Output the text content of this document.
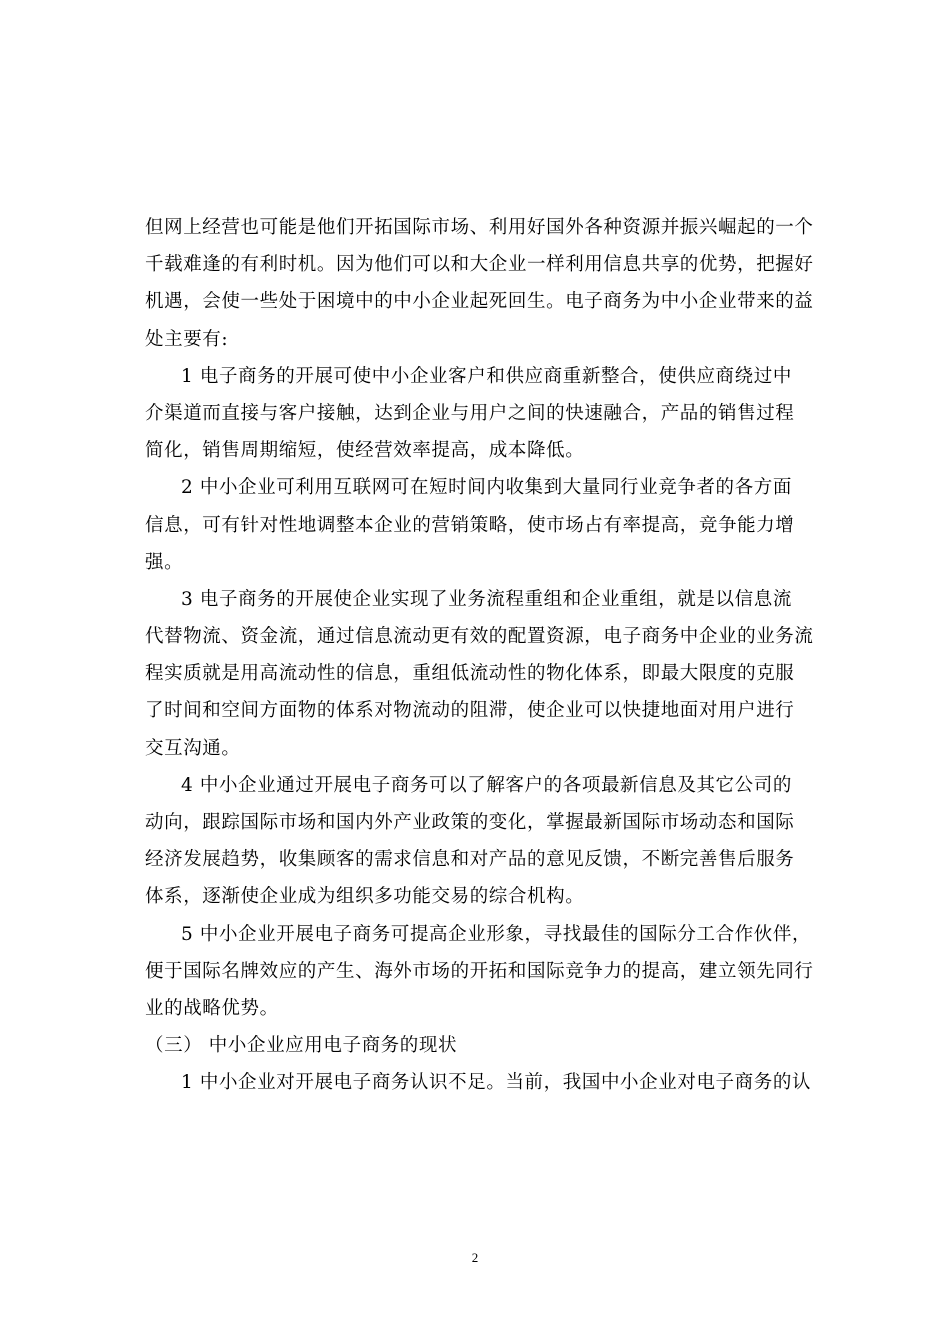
但网上经营也可能是他们开拓国际市场、利用好国外各种资源并振兴崛起的一个
千载难逢的有利时机。因为他们可以和大企业一样利用信息共享的优势，把握好
机遇，会使一些处于困境中的中小企业起死回生。电子商务为中小企业带来的益
处主要有:
1 电子商务的开展可使中小企业客户和供应商重新整合，使供应商绕过中
介渠道而直接与客户接触，达到企业与用户之间的快速融合，产品的销售过程
简化，销售周期缩短，使经营效率提高，成本降低。
2 中小企业可利用互联网可在短时间内收集到大量同行业竞争者的各方面
信息，可有针对性地调整本企业的营销策略，使市场占有率提高，竞争能力增
强。
3 电子商务的开展使企业实现了业务流程重组和企业重组，就是以信息流
代替物流、资金流，通过信息流动更有效的配置资源，电子商务中企业的业务流
程实质就是用高流动性的信息，重组低流动性的物化体系，即最大限度的克服
了时间和空间方面物的体系对物流动的阻滞，使企业可以快捷地面对用户进行
交互沟通。
4 中小企业通过开展电子商务可以了解客户的各项最新信息及其它公司的
动向，跟踪国际市场和国内外产业政策的变化，掌握最新国际市场动态和国际
经济发展趋势，收集顾客的需求信息和对产品的意见反馈，不断完善售后服务
体系，逐渐使企业成为组织多功能交易的综合机构。
5 中小企业开展电子商务可提高企业形象，寻找最佳的国际分工合作伙伴，
便于国际名牌效应的产生、海外市场的开拓和国际竞争力的提高，建立领先同行
业的战略优势。
（三） 中小企业应用电子商务的现状
1 中小企业对开展电子商务认识不足。当前，我国中小企业对电子商务的认
2
